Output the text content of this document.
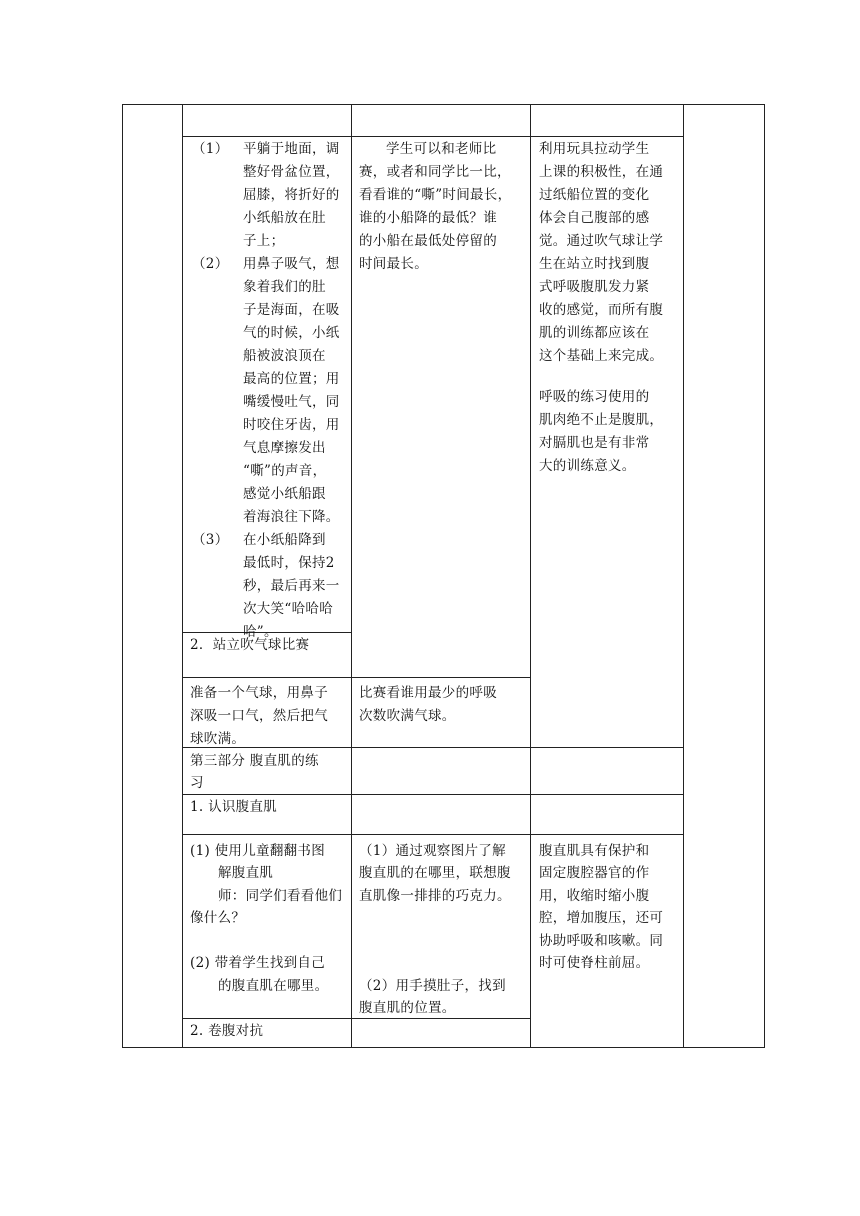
（1） 平躺于地面，调
整好骨盆位置，
屈膝，将折好的
小纸船放在肚
子上；
（2） 用鼻子吸气，想
象着我们的肚
子是海面，在吸
气的时候，小纸
船被波浪顶在
最高的位置；用
嘴缓慢吐气，同
时咬住牙齿，用
气息摩擦发出
“嘶”的声音，
感觉小纸船跟
着海浪往下降。
（3） 在小纸船降到
最低时，保持2
秒，最后再来一
次大笑“哈哈哈
哈”。
学生可以和老师比
赛，或者和同学比一比，
看看谁的“嘶”时间最长，
谁的小船降的最低？谁
的小船在最低处停留的
时间最长。
利用玩具拉动学生
上课的积极性，在通
过纸船位置的变化
体会自己腹部的感
觉。通过吹气球让学
生在站立时找到腹
式呼吸腹肌发力紧
收的感觉，而所有腹
肌的训练都应该在
这个基础上来完成。
呼吸的练习使用的
肌肉绝不止是腹肌，
对膈肌也是有非常
大的训练意义。
2．站立吹气球比赛
准备一个气球，用鼻子
深吸一口气，然后把气
球吹满。
比赛看谁用最少的呼吸
次数吹满气球。
第三部分 腹直肌的练
习
1. 认识腹直肌
(1) 使用儿童翻翻书图
解腹直肌
师：同学们看看他们
像什么？
(2) 带着学生找到自己
的腹直肌在哪里。
（1）通过观察图片了解
腹直肌的在哪里，联想腹
直肌像一排排的巧克力。
（2）用手摸肚子，找到
腹直肌的位置。
腹直肌具有保护和
固定腹腔器官的作
用，收缩时缩小腹
腔，增加腹压，还可
协助呼吸和咳嗽。同
时可使脊柱前屈。
2. 卷腹对抗
